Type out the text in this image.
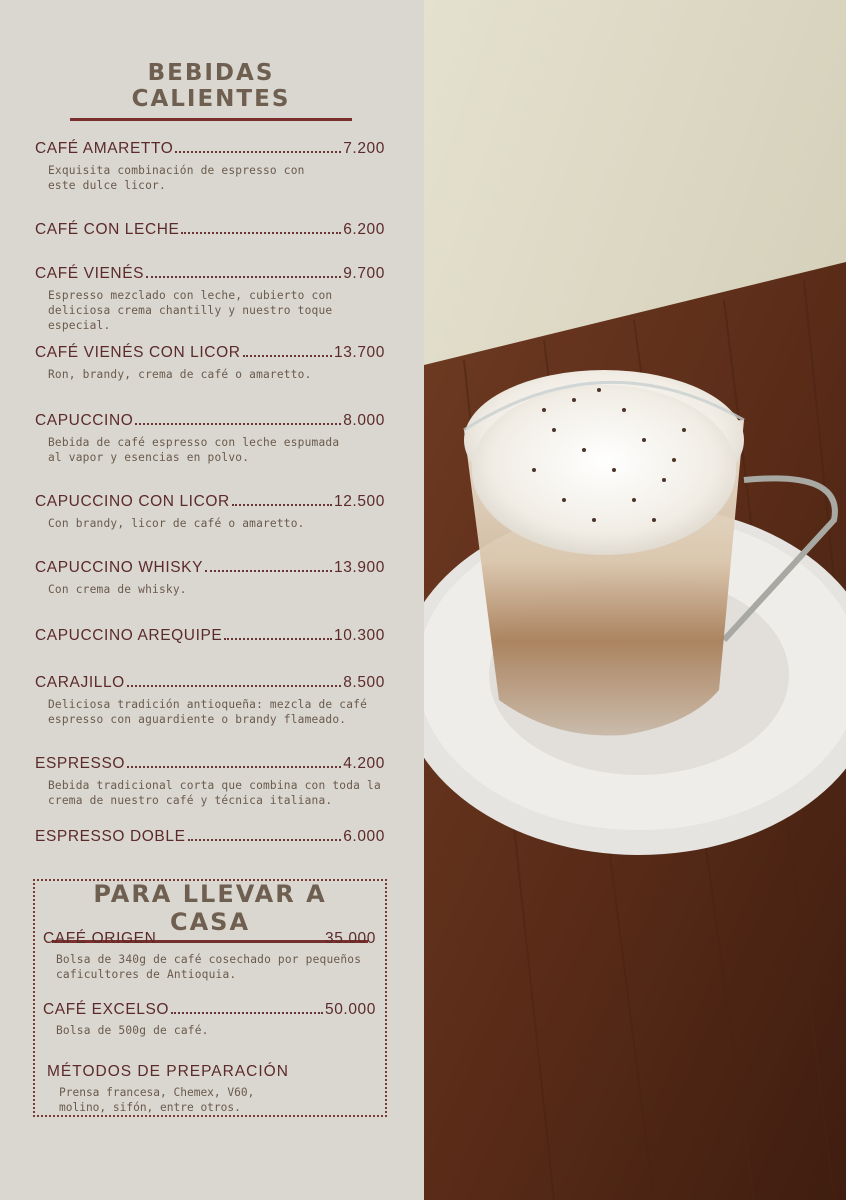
BEBIDAS CALIENTES
CAFÉ AMARETTO	7.200
Exquisita combinación de espresso con
este dulce licor.
CAFÉ CON LECHE	6.200
CAFÉ VIENÉS	9.700
Espresso mezclado con leche, cubierto con
deliciosa crema chantilly y nuestro toque especial.
CAFÉ VIENÉS CON LICOR	13.700
Ron, brandy, crema de café o amaretto.
CAPUCCINO	8.000
Bebida de café espresso con leche espumada
al vapor y esencias en polvo.
CAPUCCINO CON LICOR	12.500
Con brandy, licor de café o amaretto.
CAPUCCINO WHISKY	13.900
Con crema de whisky.
CAPUCCINO AREQUIPE	10.300
CARAJILLO	8.500
Deliciosa tradición antioqueña: mezcla de café
espresso con aguardiente o brandy flameado.
ESPRESSO	4.200
Bebida tradicional corta que combina con toda la
crema de nuestro café y técnica italiana.
ESPRESSO DOBLE	6.000
PARA LLEVAR A CASA
CAFÉ ORIGEN	35.000
Bolsa de 340g de café cosechado por pequeños
caficultores de Antioquia.
CAFÉ EXCELSO	50.000
Bolsa de 500g de café.
MÉTODOS DE PREPARACIÓN
Prensa francesa, Chemex, V60,
molino, sifón, entre otros.
